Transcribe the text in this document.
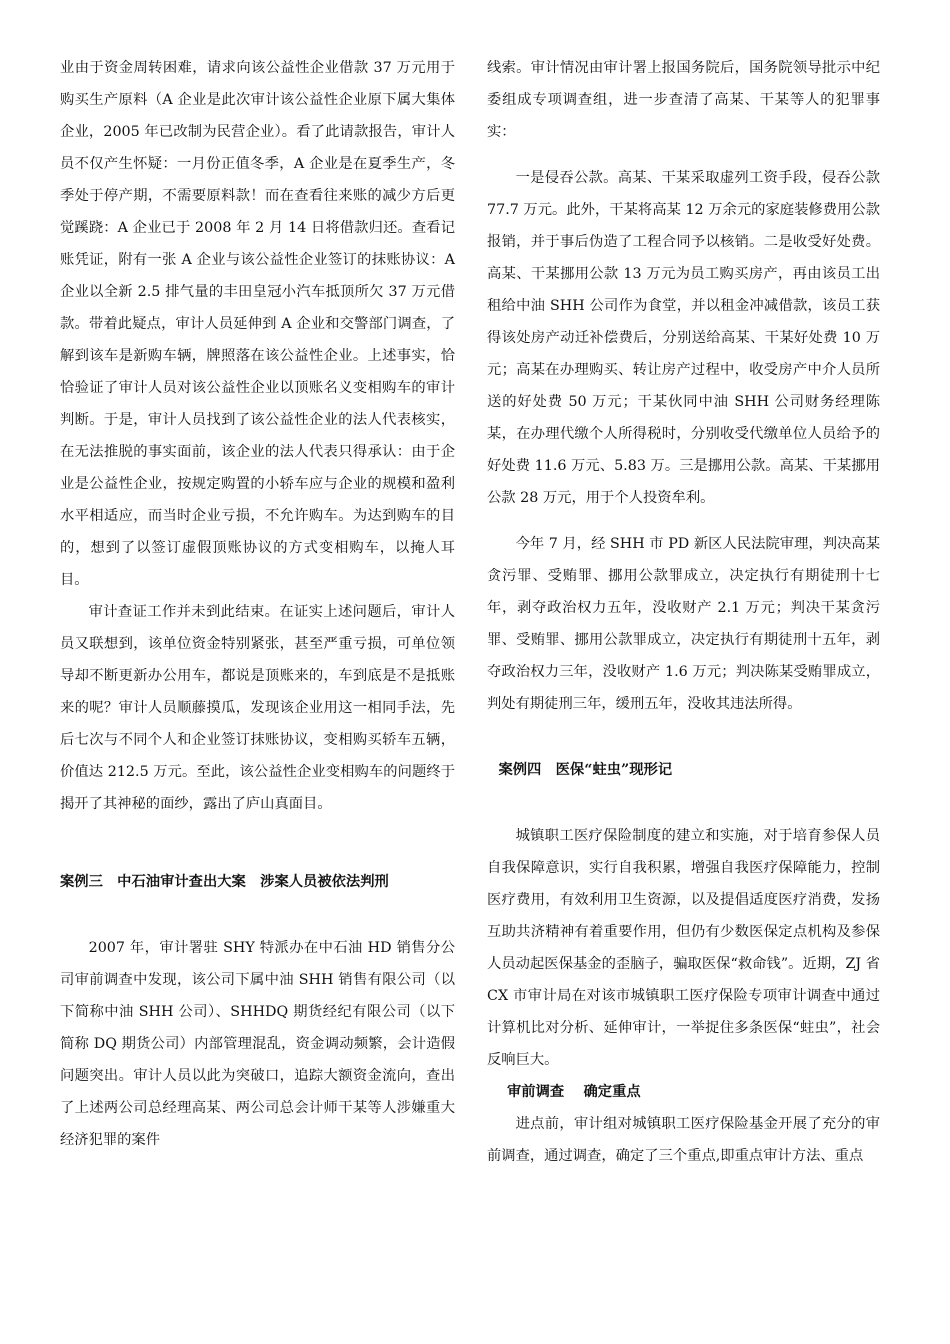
业由于资金周转困难，请求向该公益性企业借款 37 万元用于购买生产原料（A 企业是此次审计该公益性企业原下属大集体企业，2005 年已改制为民营企业）。看了此请款报告，审计人员不仅产生怀疑：一月份正值冬季，A 企业是在夏季生产，冬季处于停产期，不需要原料款！而在查看往来账的减少方后更觉蹊跷：A 企业已于 2008 年 2 月 14 日将借款归还。查看记账凭证，附有一张 A 企业与该公益性企业签订的抹账协议：A 企业以全新 2.5 排气量的丰田皇冠小汽车抵顶所欠 37 万元借款。带着此疑点，审计人员延伸到 A 企业和交警部门调查，了解到该车是新购车辆，牌照落在该公益性企业。上述事实，恰恰验证了审计人员对该公益性企业以顶账名义变相购车的审计判断。于是，审计人员找到了该公益性企业的法人代表核实，在无法推脱的事实面前，该企业的法人代表只得承认：由于企业是公益性企业，按规定购置的小轿车应与企业的规模和盈利水平相适应，而当时企业亏损，不允许购车。为达到购车的目的，想到了以签订虚假顶账协议的方式变相购车，以掩人耳目。

审计查证工作并未到此结束。在证实上述问题后，审计人员又联想到，该单位资金特别紧张，甚至严重亏损，可单位领导却不断更新办公用车，都说是顶账来的，车到底是不是抵账来的呢？审计人员顺藤摸瓜，发现该企业用这一相同手法，先后七次与不同个人和企业签订抹账协议，变相购买轿车五辆，价值达 212.5 万元。至此，该公益性企业变相购车的问题终于揭开了其神秘的面纱，露出了庐山真面目。

案例三　中石油审计查出大案　涉案人员被依法判刑

2007 年，审计署驻 SHY 特派办在中石油 HD 销售分公司审前调查中发现，该公司下属中油 SHH 销售有限公司（以下简称中油 SHH 公司）、SHHDQ 期货经纪有限公司（以下简称 DQ 期货公司）内部管理混乱，资金调动频繁，会计造假问题突出。审计人员以此为突破口，追踪大额资金流向，查出了上述两公司总经理高某、两公司总会计师干某等人涉嫌重大经济犯罪的案件

线索。审计情况由审计署上报国务院后，国务院领导批示中纪委组成专项调查组，进一步查清了高某、干某等人的犯罪事实：

一是侵吞公款。高某、干某采取虚列工资手段，侵吞公款 77.7 万元。此外，干某将高某 12 万余元的家庭装修费用公款报销，并于事后伪造了工程合同予以核销。二是收受好处费。高某、干某挪用公款 13 万元为员工购买房产，再由该员工出租给中油 SHH 公司作为食堂，并以租金冲减借款，该员工获得该处房产动迁补偿费后，分别送给高某、干某好处费 10 万元；高某在办理购买、转让房产过程中，收受房产中介人员所送的好处费 50 万元；干某伙同中油 SHH 公司财务经理陈某，在办理代缴个人所得税时，分别收受代缴单位人员给予的好处费 11.6 万元、5.83 万。三是挪用公款。高某、干某挪用公款 28 万元，用于个人投资牟利。

今年 7 月，经 SHH 市 PD 新区人民法院审理，判决高某贪污罪、受贿罪、挪用公款罪成立，决定执行有期徒刑十七年，剥夺政治权力五年，没收财产 2.1 万元；判决干某贪污罪、受贿罪、挪用公款罪成立，决定执行有期徒刑十五年，剥夺政治权力三年，没收财产 1.6 万元；判决陈某受贿罪成立，判处有期徒刑三年，缓刑五年，没收其违法所得。

案例四　医保“蛀虫”现形记

城镇职工医疗保险制度的建立和实施，对于培育参保人员自我保障意识，实行自我积累，增强自我医疗保障能力，控制医疗费用，有效利用卫生资源，以及提倡适度医疗消费，发扬互助共济精神有着重要作用，但仍有少数医保定点机构及参保人员动起医保基金的歪脑子，骗取医保“救命钱”。近期，ZJ 省 CX 市审计局在对该市城镇职工医疗保险专项审计调查中通过计算机比对分析、延伸审计，一举捉住多条医保“蛀虫”，社会反响巨大。

审前调查　 确定重点

进点前，审计组对城镇职工医疗保险基金开展了充分的审前调查，通过调查，确定了三个重点,即重点审计方法、重点
